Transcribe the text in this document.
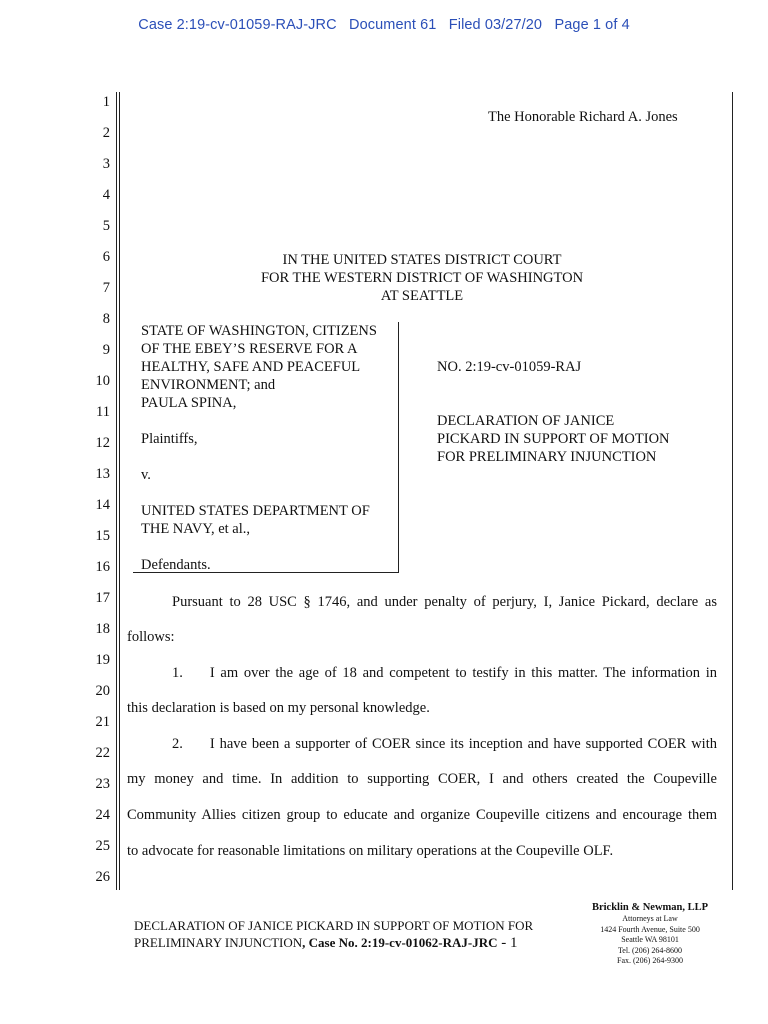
Case 2:19-cv-01059-RAJ-JRC   Document 61   Filed 03/27/20   Page 1 of 4
1
2
3
4
5
6
7
8
9
10
11
12
13
14
15
16
17
18
19
20
21
22
23
24
25
26
The Honorable Richard A. Jones
IN THE UNITED STATES DISTRICT COURT
FOR THE WESTERN DISTRICT OF WASHINGTON
AT SEATTLE
STATE OF WASHINGTON, CITIZENS
OF THE EBEY’S RESERVE FOR A
HEALTHY, SAFE AND PEACEFUL
ENVIRONMENT; and
PAULA SPINA,
Plaintiffs,
v.
UNITED STATES DEPARTMENT OF
THE NAVY, et al.,
Defendants.
NO. 2:19-cv-01059-RAJ
DECLARATION OF JANICE
PICKARD IN SUPPORT OF MOTION
FOR PRELIMINARY INJUNCTION
Pursuant to 28 USC § 1746, and under penalty of perjury, I, Janice Pickard, declare as
follows:
1. I am over the age of 18 and competent to testify in this matter. The information in
this declaration is based on my personal knowledge.
2. I have been a supporter of COER since its inception and have supported COER with
my money and time. In addition to supporting COER, I and others created the Coupeville
Community Allies citizen group to educate and organize Coupeville citizens and encourage them
to advocate for reasonable limitations on military operations at the Coupeville OLF.
DECLARATION OF JANICE PICKARD IN SUPPORT OF MOTION FOR
PRELIMINARY INJUNCTION, Case No. 2:19-cv-01062-RAJ-JRC - 1
Bricklin & Newman, LLP
Attorneys at Law
1424 Fourth Avenue, Suite 500
Seattle WA 98101
Tel. (206) 264-8600
Fax. (206) 264-9300
